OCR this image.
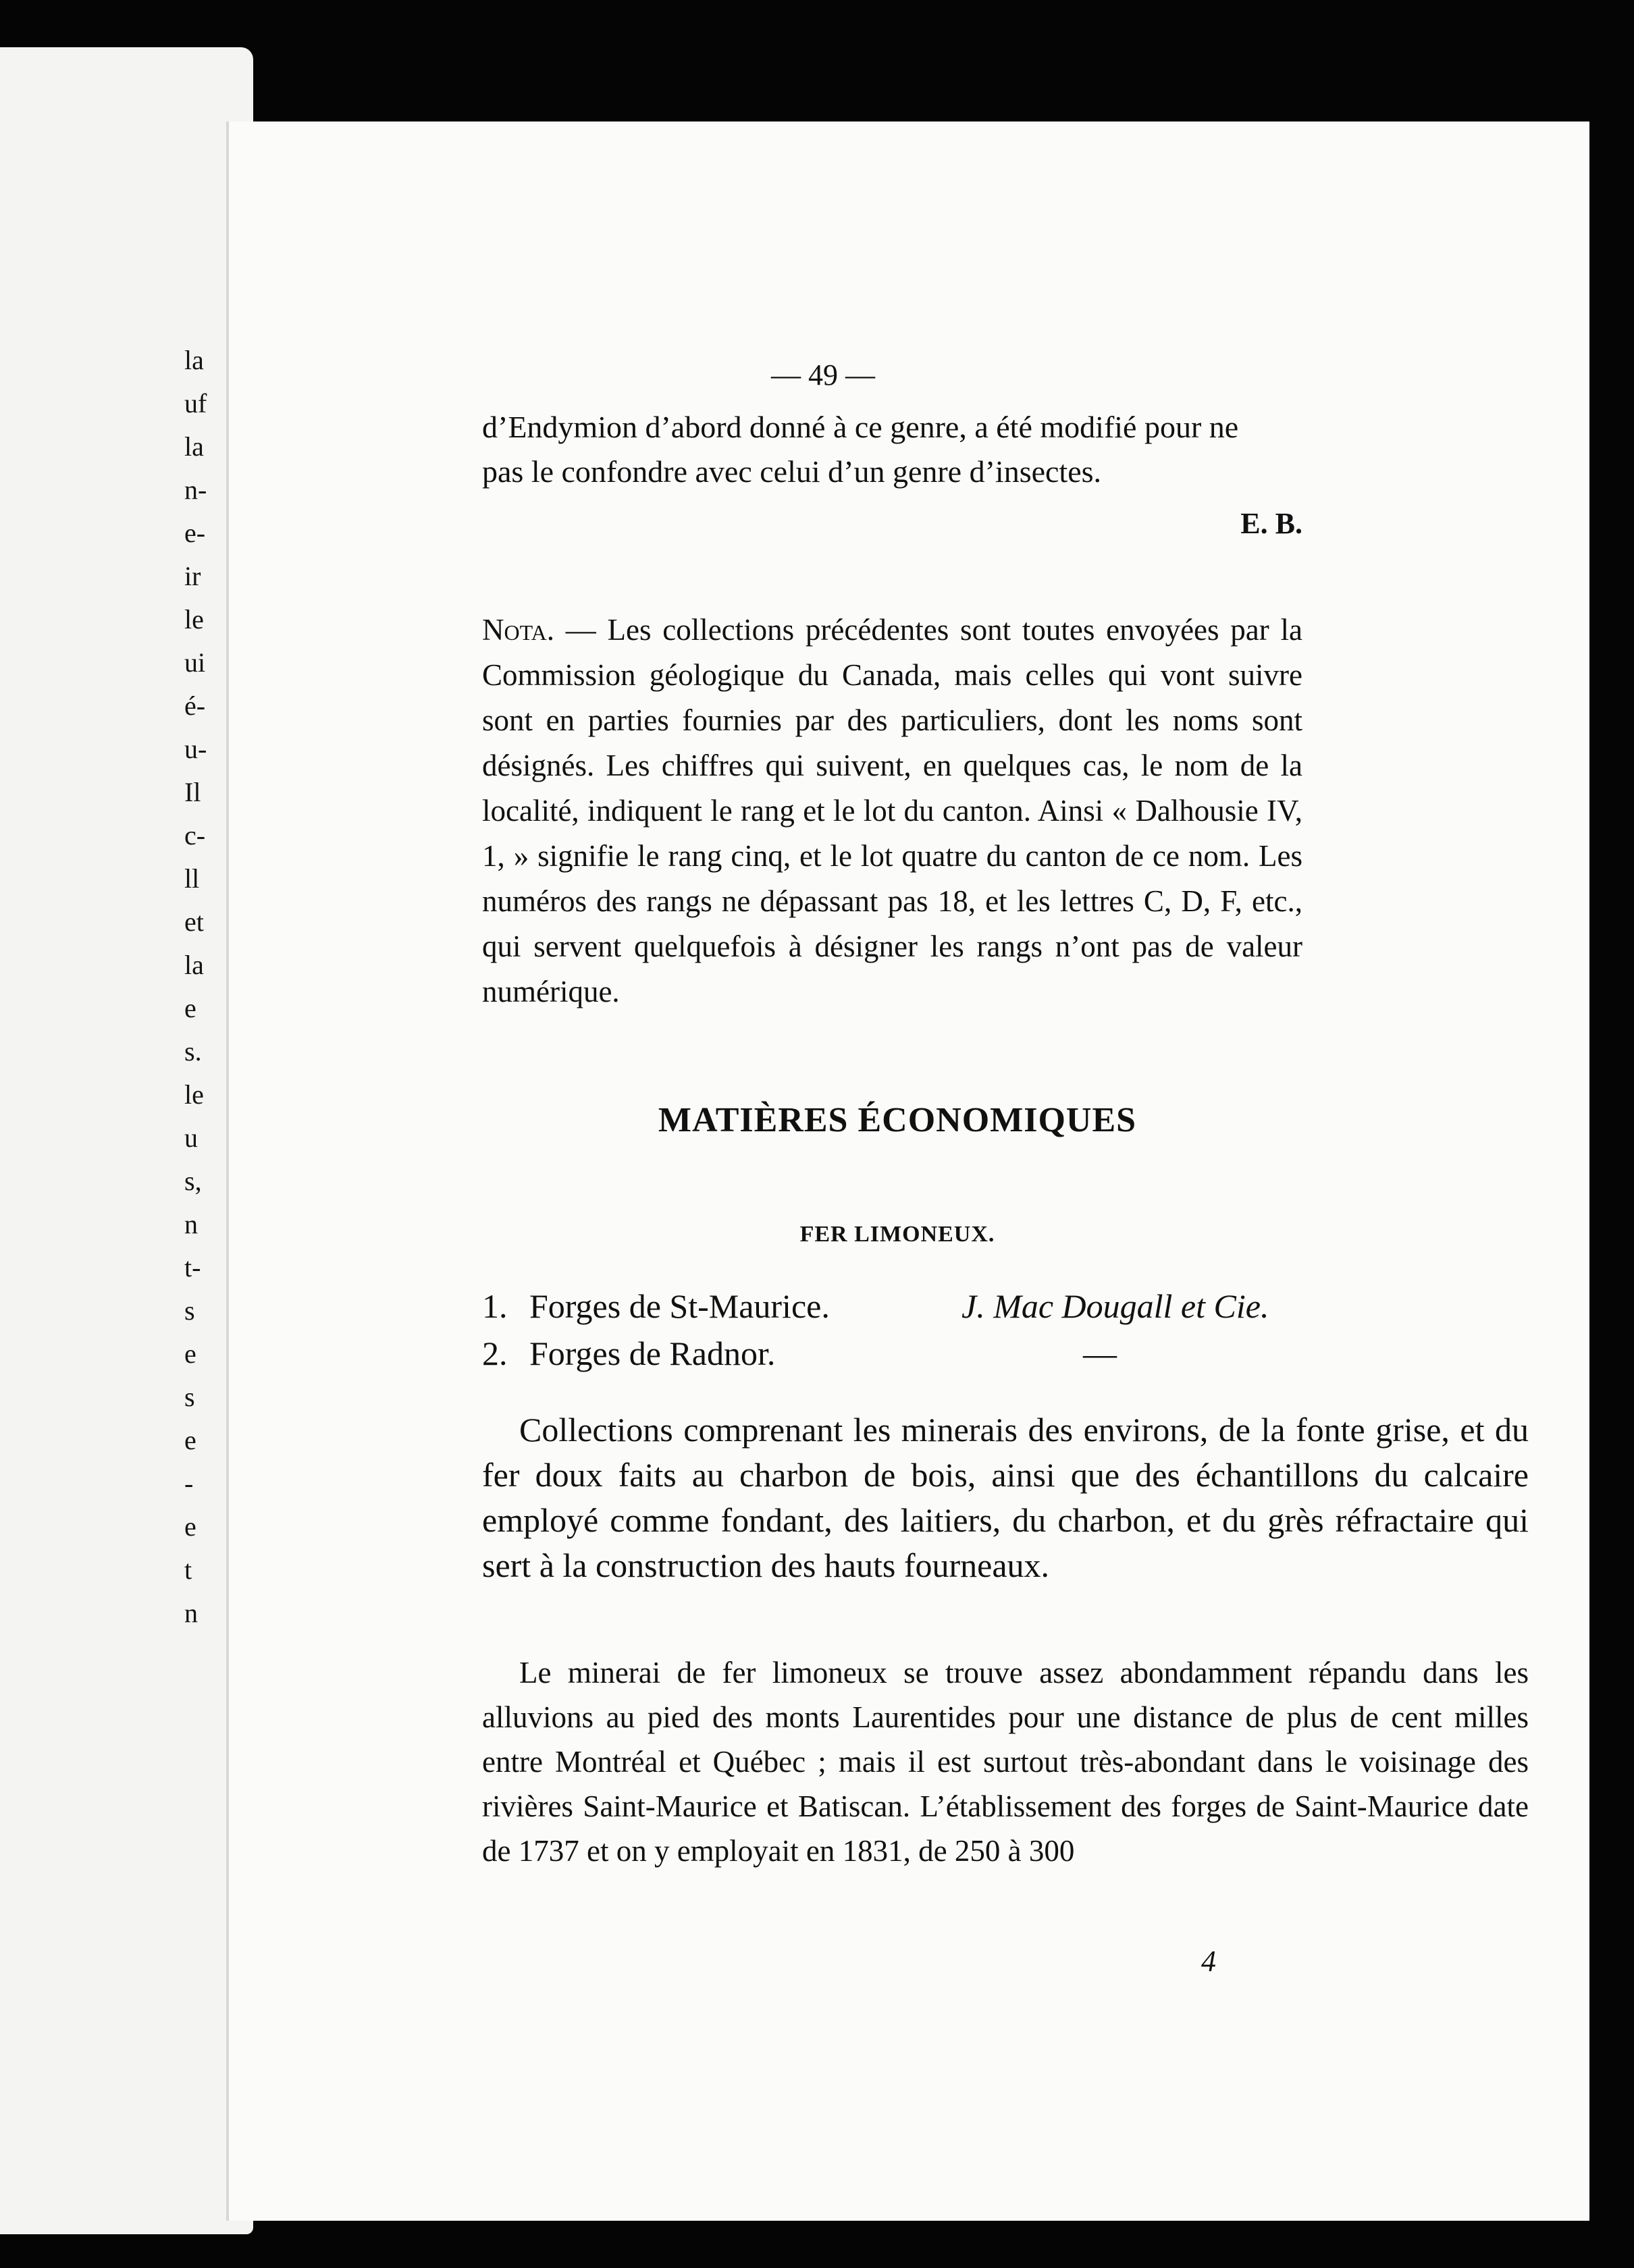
la
uf
la
n-
e-
ir
le
ui
é-
u-
Il
c-
ll
et
la
e
s.
le
u
s,
n
t-
s
e
s
e
-
e
t
n
— 49 —
d’Endymion d’abord donné à ce genre, a été modifié pour ne
pas le confondre avec celui d’un genre d’insectes.
E. B.
Nota. — Les collections précédentes sont toutes envoyées par la Commission géologique du Canada, mais celles qui vont suivre sont en parties fournies par des particuliers, dont les noms sont désignés. Les chiffres qui suivent, en quelques cas, le nom de la localité, indiquent le rang et le lot du canton. Ainsi « Dalhousie IV, 1, » signifie le rang cinq, et le lot quatre du canton de ce nom. Les numéros des rangs ne dépassant pas 18, et les lettres C, D, F, etc., qui servent quelquefois à désigner les rangs n’ont pas de valeur numérique.
MATIÈRES ÉCONOMIQUES
FER LIMONEUX.
1. Forges de St-Maurice.	J. Mac Dougall et Cie.
2. Forges de Radnor.	—
Collections comprenant les minerais des environs, de la fonte grise, et du fer doux faits au charbon de bois, ainsi que des échantillons du calcaire employé comme fondant, des laitiers, du charbon, et du grès réfractaire qui sert à la construction des hauts fourneaux.
Le minerai de fer limoneux se trouve assez abondamment répandu dans les alluvions au pied des monts Laurentides pour une distance de plus de cent milles entre Montréal et Québec ; mais il est surtout très-abondant dans le voisinage des rivières Saint-Maurice et Batiscan. L’établissement des forges de Saint-Maurice date de 1737 et on y employait en 1831, de 250 à 300
4
